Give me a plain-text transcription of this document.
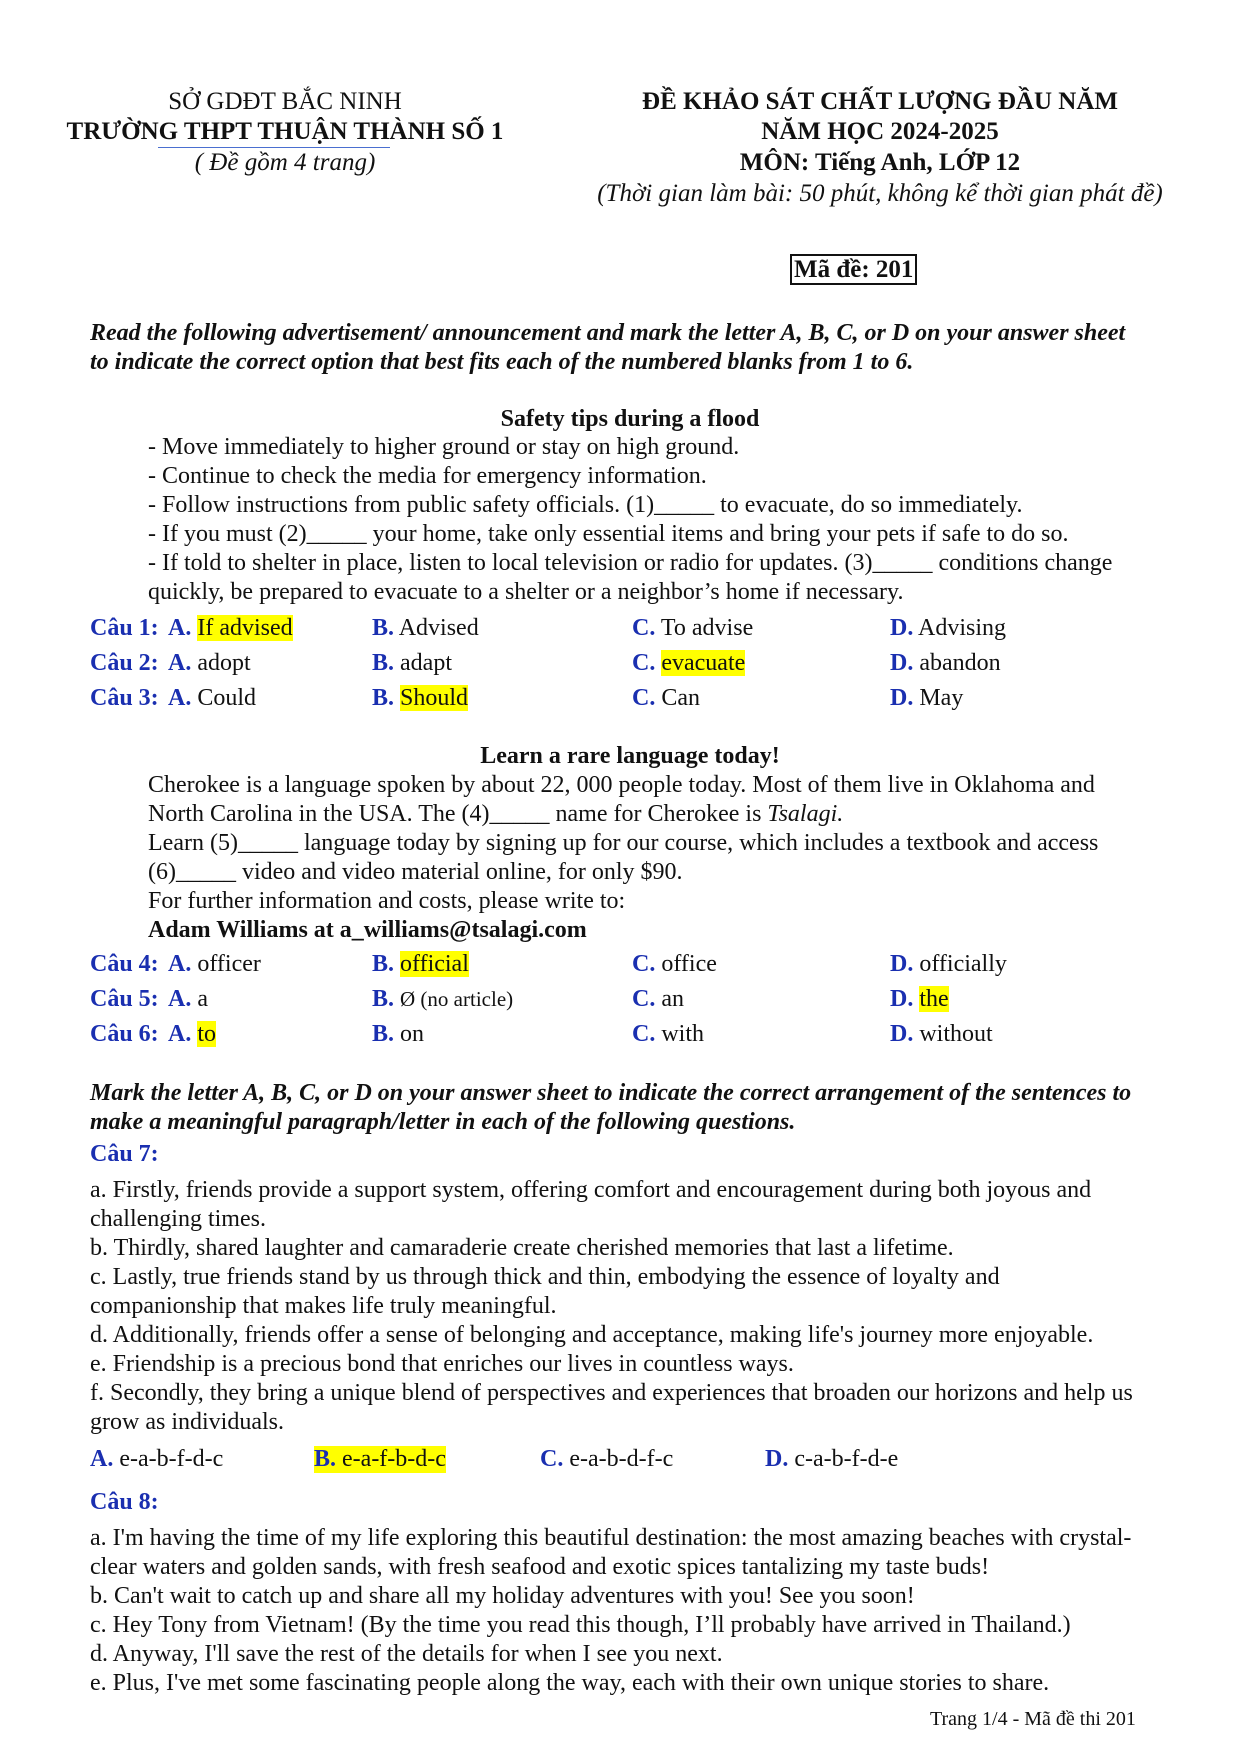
SỞ GDĐT BẮC NINH
TRƯỜNG THPT THUẬN THÀNH SỐ 1
( Đề gồm 4 trang)
ĐỀ KHẢO SÁT CHẤT LƯỢNG ĐẦU NĂM
NĂM HỌC 2024-2025
MÔN: Tiếng Anh, LỚP 12
(Thời gian làm bài: 50 phút, không kể thời gian phát đề)
Mã đề: 201
Read the following advertisement/ announcement and mark the letter A, B, C, or D on your answer sheet
to indicate the correct option that best fits each of the numbered blanks from 1 to 6.
Safety tips during a flood
- Move immediately to higher ground or stay on high ground.
- Continue to check the media for emergency information.
- Follow instructions from public safety officials. (1)_____ to evacuate, do so immediately.
- If you must (2)_____ your home, take only essential items and bring your pets if safe to do so.
- If told to shelter in place, listen to local television or radio for updates. (3)_____ conditions change
quickly, be prepared to evacuate to a shelter or a neighbor’s home if necessary.
Câu 1: A. If advised	B. Advised	C. To advise	D. Advising
Câu 2: A. adopt	B. adapt	C. evacuate	D. abandon
Câu 3: A. Could	B. Should	C. Can	D. May
Learn a rare language today!
Cherokee is a language spoken by about 22, 000 people today. Most of them live in Oklahoma and
North Carolina in the USA. The (4)_____ name for Cherokee is Tsalagi.
Learn (5)_____ language today by signing up for our course, which includes a textbook and access
(6)_____ video and video material online, for only $90.
For further information and costs, please write to:
Adam Williams at a_williams@tsalagi.com
Câu 4: A. officer	B. official	C. office	D. officially
Câu 5: A. a	B. Ø (no article)	C. an	D. the
Câu 6: A. to	B. on	C. with	D. without
Mark the letter A, B, C, or D on your answer sheet to indicate the correct arrangement of the sentences to
make a meaningful paragraph/letter in each of the following questions.
Câu 7:
a. Firstly, friends provide a support system, offering comfort and encouragement during both joyous and
challenging times.
b. Thirdly, shared laughter and camaraderie create cherished memories that last a lifetime.
c. Lastly, true friends stand by us through thick and thin, embodying the essence of loyalty and
companionship that makes life truly meaningful.
d. Additionally, friends offer a sense of belonging and acceptance, making life's journey more enjoyable.
e. Friendship is a precious bond that enriches our lives in countless ways.
f. Secondly, they bring a unique blend of perspectives and experiences that broaden our horizons and help us
grow as individuals.
A. e-a-b-f-d-c	B. e-a-f-b-d-c	C. e-a-b-d-f-c	D. c-a-b-f-d-e
Câu 8:
a. I'm having the time of my life exploring this beautiful destination: the most amazing beaches with crystal-
clear waters and golden sands, with fresh seafood and exotic spices tantalizing my taste buds!
b. Can't wait to catch up and share all my holiday adventures with you! See you soon!
c. Hey Tony from Vietnam! (By the time you read this though, I’ll probably have arrived in Thailand.)
d. Anyway, I'll save the rest of the details for when I see you next.
e. Plus, I've met some fascinating people along the way, each with their own unique stories to share.
Trang 1/4 - Mã đề thi 201
